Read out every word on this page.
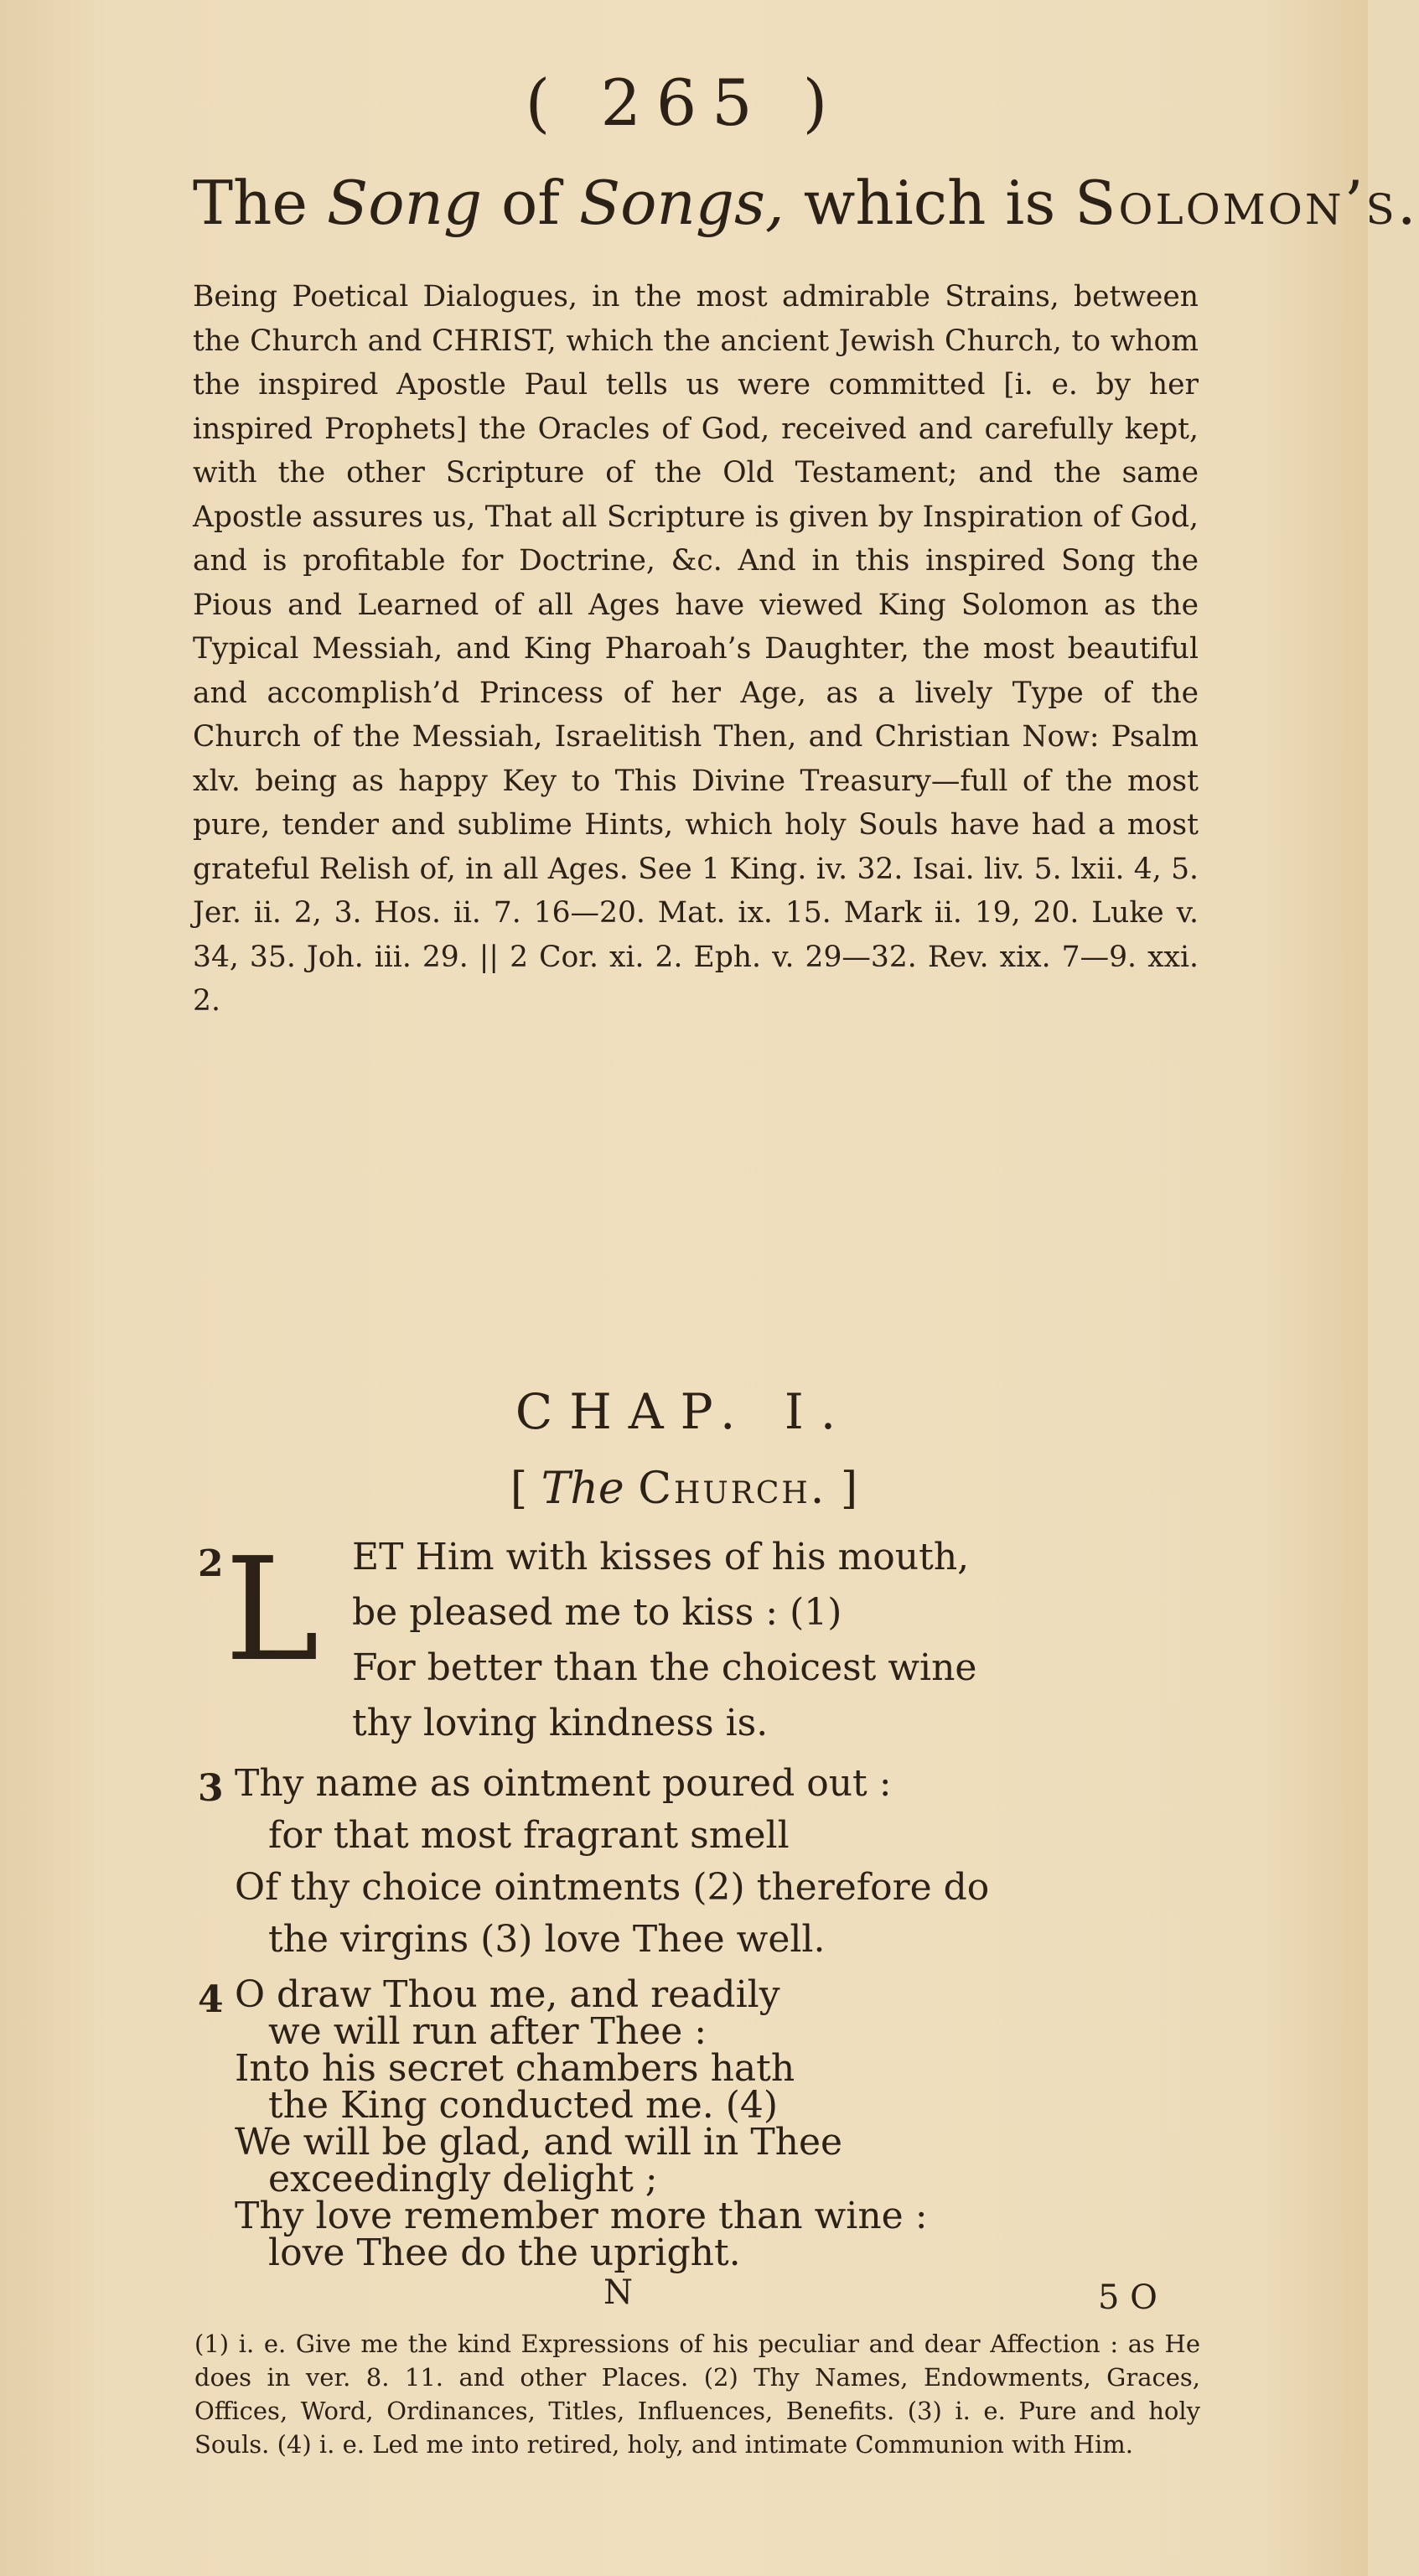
( 265 )
The Song of Songs, which is Solomon’s.
Being Poetical Dialogues, in the most admirable Strains, between the Church and CHRIST, which the ancient Jewish Church, to whom the inspired Apostle Paul tells us were committed [i. e. by her inspired Prophets] the Oracles of God, received and carefully kept, with the other Scripture of the Old Testament; and the same Apostle assures us, That all Scripture is given by Inspiration of God, and is profitable for Doctrine, &c. And in this inspired Song the Pious and Learned of all Ages have viewed King Solomon as the Typical Messiah, and King Pharoah’s Daughter, the most beautiful and accomplish’d Princess of her Age, as a lively Type of the Church of the Messiah, Israelitish Then, and Christian Now: Psalm xlv. being as happy Key to This Divine Treasury—full of the most pure, tender and sublime Hints, which holy Souls have had a most grateful Relish of, in all Ages. See 1 King. iv. 32. Isai. liv. 5. lxii. 4, 5. Jer. ii. 2, 3. Hos. ii. 7. 16—20. Mat. ix. 15. Mark ii. 19, 20. Luke v. 34, 35. Joh. iii. 29. || 2 Cor. xi. 2. Eph. v. 29—32. Rev. xix. 7—9. xxi. 2.
CHAP. I.
[ The Church. ]
2 L ET Him with kisses of his mouth,
be pleased me to kiss : (1)
For better than the choicest wine
thy loving kindness is.
3 Thy name as ointment poured out :
for that most fragrant smell
Of thy choice ointments (2) therefore do
the virgins (3) love Thee well.
4
N	5 O
(1) i. e. Give me the kind Expressions of his peculiar and dear Affection : as He does in ver. 8. 11. and other Places. (2) Thy Names, Endowments, Graces, Offices, Word, Ordinances, Titles, Influences, Benefits. (3) i. e. Pure and holy Souls. (4) i. e. Led me into retired, holy, and intimate Communion with Him.
O draw Thou me, and readily
we will run after Thee :
Into his secret chambers hath
the King conducted me. (4)
We will be glad, and will in Thee
exceedingly delight ;
Thy love remember more than wine :
love Thee do the upright.
